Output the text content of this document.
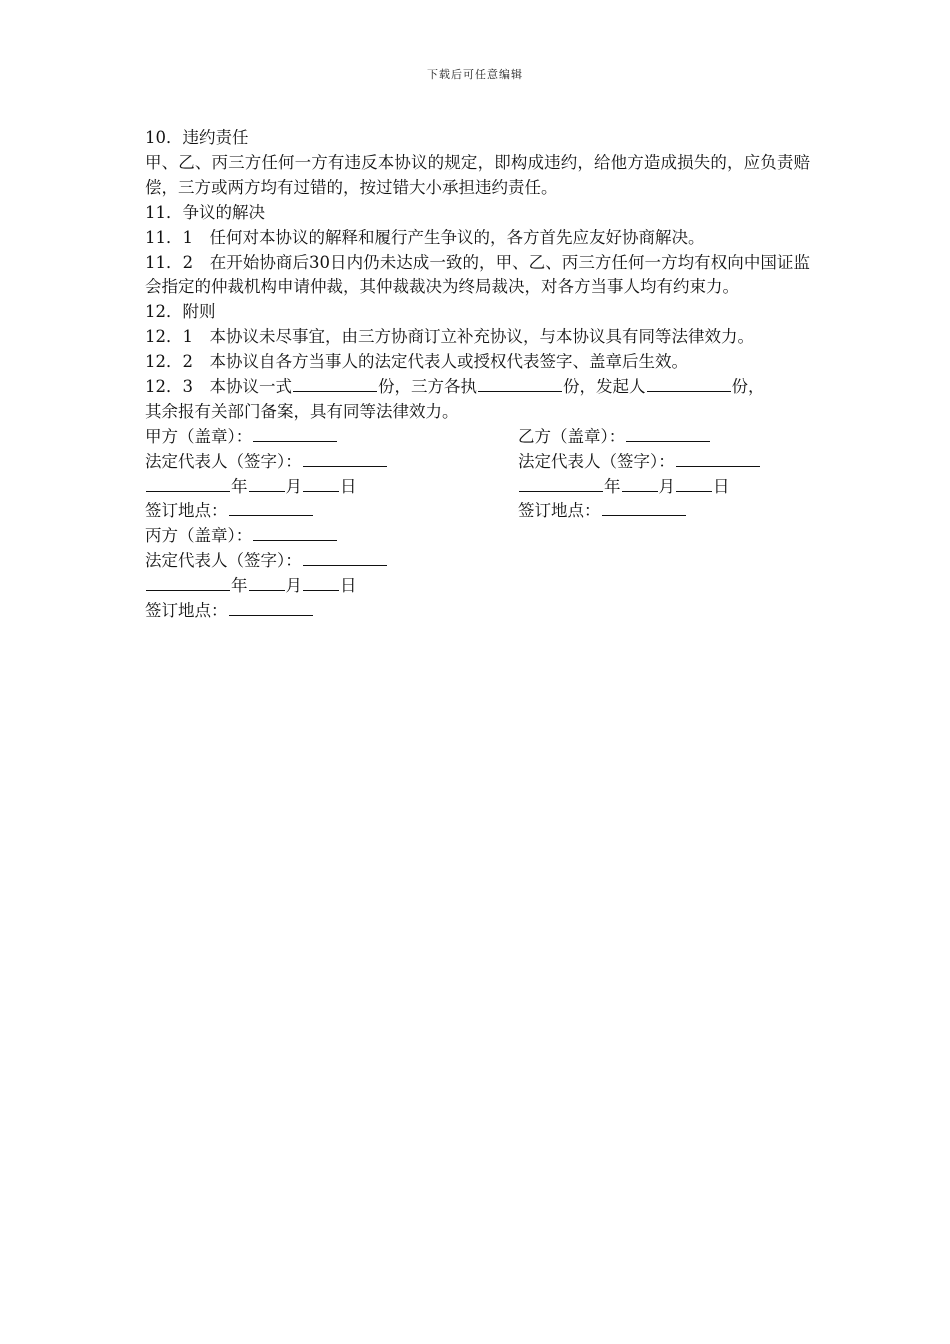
下载后可任意编辑
10．违约责任
甲、乙、丙三方任何一方有违反本协议的规定，即构成违约，给他方造成损失的，应负责赔偿，三方或两方均有过错的，按过错大小承担违约责任。
11．争议的解决
11．1　任何对本协议的解释和履行产生争议的，各方首先应友好协商解决。
11．2　在开始协商后30日内仍未达成一致的，甲、乙、丙三方任何一方均有权向中国证监会指定的仲裁机构申请仲裁，其仲裁裁决为终局裁决，对各方当事人均有约束力。
12．附则
12．1　本协议未尽事宜，由三方协商订立补充协议，与本协议具有同等法律效力。
12．2　本协议自各方当事人的法定代表人或授权代表签字、盖章后生效。
12．3　本协议一式	份，三方各执	份，发起人	份，
其余报有关部门备案，具有同等法律效力。
甲方（盖章）：	乙方（盖章）：
法定代表人（签字）：	法定代表人（签字）：
年 月 日	年 月 日
签订地点：	签订地点：
丙方（盖章）：
法定代表人（签字）：
年 月 日
签订地点：
